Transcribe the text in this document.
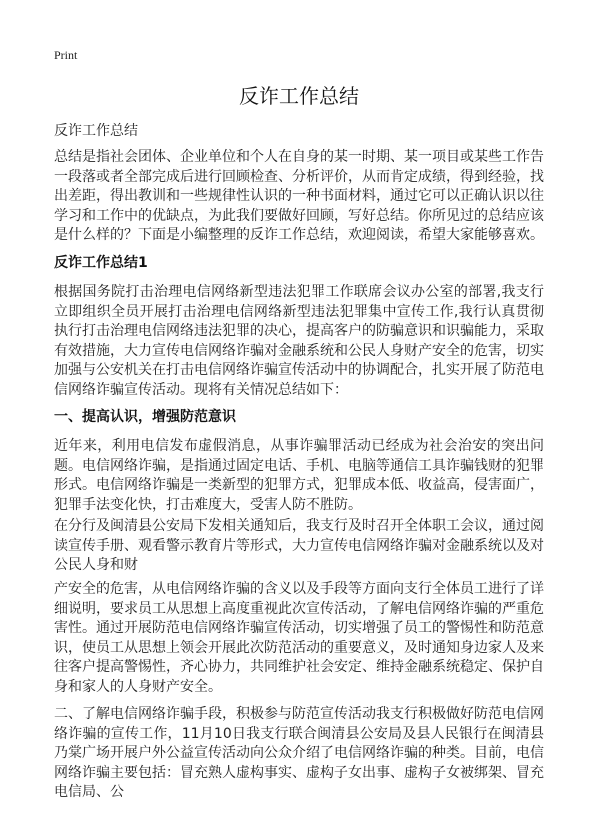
Print
反诈工作总结
反诈工作总结
总结是指社会团体、企业单位和个人在自身的某一时期、某一项目或某些工作告一段落或者全部完成后进行回顾检查、分析评价，从而肯定成绩，得到经验，找出差距，得出教训和一些规律性认识的一种书面材料，通过它可以正确认识以往学习和工作中的优缺点，为此我们要做好回顾，写好总结。你所见过的总结应该是什么样的？下面是小编整理的反诈工作总结，欢迎阅读，希望大家能够喜欢。
反诈工作总结1
根据国务院打击治理电信网络新型违法犯罪工作联席会议办公室的部署,我支行立即组织全员开展打击治理电信网络新型违法犯罪集中宣传工作,我行认真贯彻执行打击治理电信网络违法犯罪的决心，提高客户的防骗意识和识骗能力，采取有效措施，大力宣传电信网络诈骗对金融系统和公民人身财产安全的危害，切实加强与公安机关在打击电信网络诈骗宣传活动中的协调配合，扎实开展了防范电信网络诈骗宣传活动。现将有关情况总结如下：
一、提高认识，增强防范意识
近年来，利用电信发布虚假消息，从事诈骗罪活动已经成为社会治安的突出问题。电信网络诈骗，是指通过固定电话、手机、电脑等通信工具诈骗钱财的犯罪形式。电信网络诈骗是一类新型的犯罪方式，犯罪成本低、收益高，侵害面广，犯罪手法变化快，打击难度大，受害人防不胜防。
在分行及闽清县公安局下发相关通知后，我支行及时召开全体职工会议，通过阅读宣传手册、观看警示教育片等形式，大力宣传电信网络诈骗对金融系统以及对公民人身和财
产安全的危害，从电信网络诈骗的含义以及手段等方面向支行全体员工进行了详细说明，要求员工从思想上高度重视此次宣传活动，了解电信网络诈骗的严重危害性。通过开展防范电信网络诈骗宣传活动，切实增强了员工的警惕性和防范意识，使员工从思想上领会开展此次防范活动的重要意义，及时通知身边家人及来往客户提高警惕性，齐心协力，共同维护社会安定、维持金融系统稳定、保护自身和家人的人身财产安全。
二、了解电信网络诈骗手段，积极参与防范宣传活动我支行积极做好防范电信网络诈骗的宣传工作，11月10日我支行联合闽清县公安局及县人民银行在闽清县乃棠广场开展户外公益宣传活动向公众介绍了电信网络诈骗的种类。目前，电信网络诈骗主要包括：冒充熟人虚构事实、虚构子女出事、虚构子女被绑架、冒充电信局、公
